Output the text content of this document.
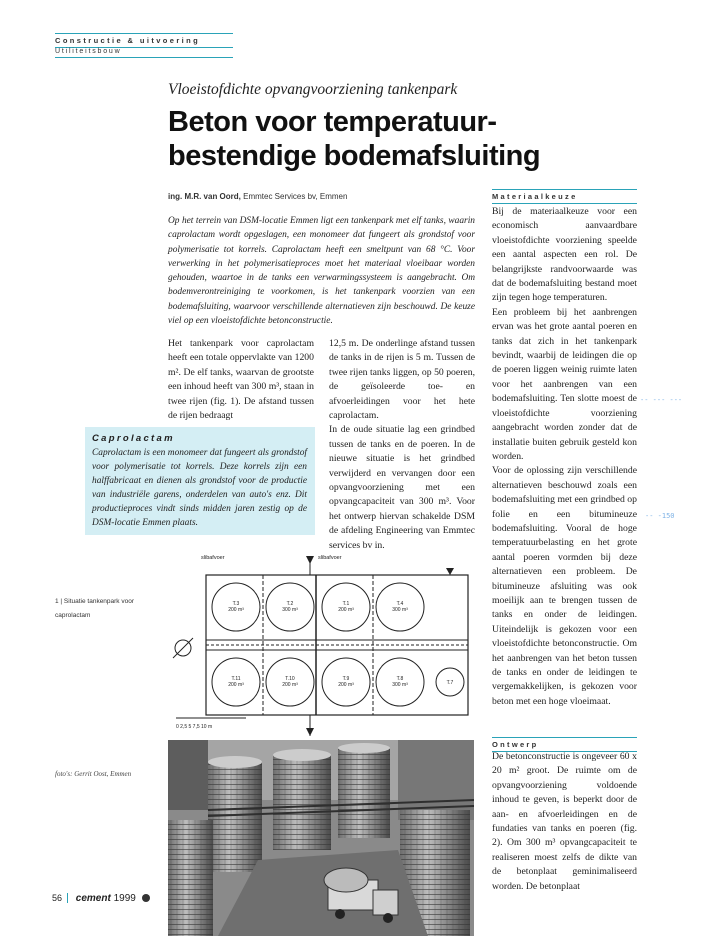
Constructie & uitvoering
Utiliteitsbouw
Vloeistofdichte opvangvoorziening tankenpark
Beton voor temperatuur-
bestendige bodemafsluiting
ing. M.R. van Oord, Emmtec Services bv, Emmen
Op het terrein van DSM-locatie Emmen ligt een tankenpark met elf tanks, waarin caprolactam wordt opgeslagen, een monomeer dat fungeert als grondstof voor polymerisatie tot korrels. Caprolactam heeft een smeltpunt van 68 °C. Voor verwerking in het polymerisatieproces moet het materiaal vloeibaar worden gehouden, waartoe in de tanks een verwarmingssysteem is aangebracht. Om bodemverontreiniging te voorkomen, is het tankenpark voorzien van een bodemafsluiting, waarvoor verschillende alternatieven zijn beschouwd. De keuze viel op een vloeistofdichte betonconstructie.
Het tankenpark voor caprolactam heeft een totale oppervlakte van 1200 m². De elf tanks, waarvan de grootste een inhoud heeft van 300 m³, staan in twee rijen (fig. 1). De afstand tussen de rijen bedraagt
12,5 m. De onderlinge afstand tussen de tanks in de rijen is 5 m. Tussen de twee rijen tanks liggen, op 50 poeren, de geïsoleerde toe- en afvoerleidingen voor het hete caprolactam.
In de oude situatie lag een grindbed tussen de tanks en de poeren. In de nieuwe situatie is het grindbed verwijderd en vervangen door een opvangvoorziening met een opvangcapaciteit van 300 m³. Voor het ontwerp hiervan schakelde DSM de afdeling Engineering van Emmtec services bv in.
Caprolactam
Caprolactam is een monomeer dat fungeert als grondstof voor polymerisatie tot korrels. Deze korrels zijn een halffabricaat en dienen als grondstof voor de productie van industriële garens, onderdelen van auto's enz. Dit productieproces vindt sinds midden jaren zestig op de DSM-locatie Emmen plaats.
Materiaalkeuze
Bij de materiaalkeuze voor een economisch aanvaardbare vloeistofdichte voorziening speelde een aantal aspecten een rol. De belangrijkste randvoorwaarde was dat de bodemafsluiting bestand moet zijn tegen hoge temperaturen.
Een probleem bij het aanbrengen ervan was het grote aantal poeren en tanks dat zich in het tankenpark bevindt, waarbij de leidingen die op de poeren liggen weinig ruimte laten voor het aanbrengen van een bodemafsluiting. Ten slotte moest de vloeistofdichte voorziening aangebracht worden zonder dat de installatie buiten gebruik gesteld kon worden.
Voor de oplossing zijn verschillende alternatieven beschouwd zoals een bodemafsluiting met een grindbed op folie en een bitumineuze bodemafsluiting. Vooral de hoge temperatuurbelasting en het grote aantal poeren vormden bij deze alternatieven een probleem. De bitumineuze afsluiting was ook moeilijk aan te brengen tussen de tanks en onder de leidingen. Uiteindelijk is gekozen voor een vloeistofdichte betonconstructie. Om het aanbrengen van het beton tussen de tanks en onder de leidingen te vergemakkelijken, is gekozen voor beton met een hoge vloeimaat.
Ontwerp
De betonconstructie is ongeveer 60 x 20 m² groot. De ruimte om de opvangvoorziening voldoende inhoud te geven, is beperkt door de aan- en afvoerleidingen en de fundaties van tanks en poeren (fig. 2). Om 300 m³ opvangcapaciteit te realiseren moest zelfs de dikte van de betonplaat geminimaliseerd worden. De betonplaat
1 | Situatie tankenpark voor caprolactam
slibafvoer	slibafvoer
T.3
200 m³
T.2
300 m³
T.1
200 m³
T.4
300 m³
T.11
200 m³
T.10
200 m³
T.9
200 m³
T.8
300 m³	T.7
0 2,5 5 7,5 10 m
foto's: Gerrit Oost, Emmen
-- --- ---
-- -150
56 cement 1999
